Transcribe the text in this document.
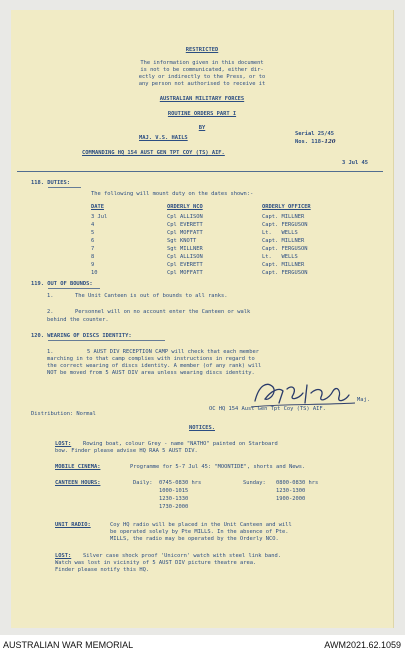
RESTRICTED
The information given in this document
is not to be communicated, either dir-
ectly or indirectly to the Press, or to
any person not authorised to receive it
AUSTRALIAN MILITARY FORCES
ROUTINE ORDERS PART I
BY
MAJ. V.S. HAILS
Serial 25/45
Nos. 118-120
COMMANDING HQ 154 AUST GEN TPT COY (TS) AIF.
3 Jul 45
118. DUTIES:
The following will mount duty on the dates shown:-
DATE	ORDERLY NCO	ORDERLY OFFICER
3 Jul	Cpl ALLISON	Capt. MILLNER
4	Cpl EVERETT	Capt. FERGUSON
5	Cpl MOFFATT	Lt.   WELLS
6	Sgt KNOTT	Capt. MILLNER
7	Sgt MILLNER	Capt. FERGUSON
8	Cpl ALLISON	Lt.   WELLS
9	Cpl EVERETT	Capt. MILLNER
10	Cpl MOFFATT	Capt. FERGUSON
119. OUT OF BOUNDS:
1.	The Unit Canteen is out of bounds to all ranks.
2.	Personnel will on no account enter the Canteen or walk
behind the counter.
120. WEARING OF DISCS IDENTITY:
1.	5 AUST DIV RECEPTION CAMP will check that each member
marching in to that camp complies with instructions in regard to
the correct wearing of discs identity. A member (of any rank) will
NOT be moved from 5 AUST DIV area unless wearing discs identity.
Maj.
OC HQ 154 Aust Gen Tpt Coy (TS) AIF.
Distribution: Normal
NOTICES.
LOST: Rowing boat, colour Grey - name "NATHO" painted on Starboard
bow. Finder please advise HQ RAA 5 AUST DIV.
MOBILE CINEMA:	Programme for 5-7 Jul 45: "MOONTIDE", shorts and News.
CANTEEN HOURS:	Daily: 0745-0830 hrs
1000-1015
1230-1330
1730-2000
Sunday: 0800-0830 hrs
1230-1300
1900-2000
UNIT RADIO:	Coy HQ radio will be placed in the Unit Canteen and will
be operated solely by Pte MILLS. In the absence of Pte.
MILLS, the radio may be operated by the Orderly NCO.
LOST: Silver case shock proof 'Unicorn' watch with steel link band.
Watch was lost in vicinity of 5 AUST DIV picture theatre area.
Finder please notify this HQ.
AUSTRALIAN WAR MEMORIAL	AWM2021.62.1059
